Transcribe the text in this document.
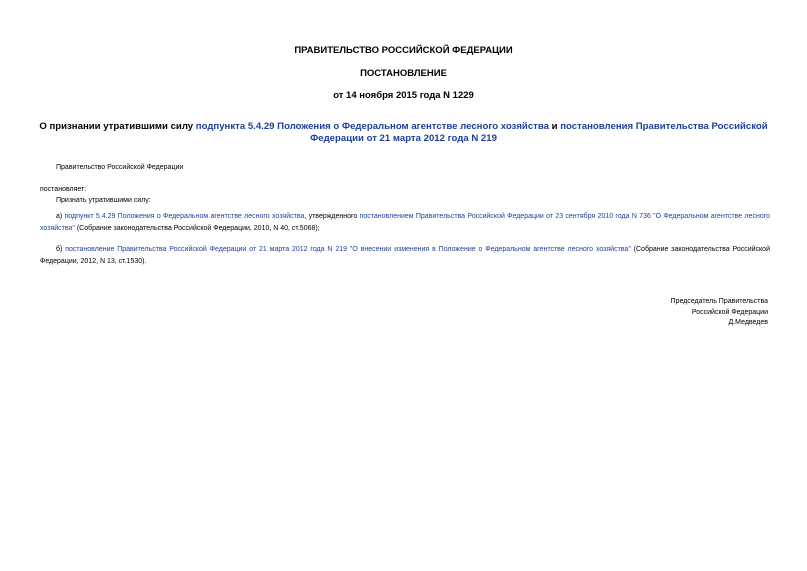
ПРАВИТЕЛЬСТВО РОССИЙСКОЙ ФЕДЕРАЦИИ
ПОСТАНОВЛЕНИЕ
от 14 ноября 2015 года N 1229
О признании утратившими силу подпункта 5.4.29 Положения о Федеральном агентстве лесного хозяйства и постановления Правительства Российской Федерации от 21 марта 2012 года N 219
Правительство Российской Федерации
постановляет:
Признать утратившими силу:
а) подпункт 5.4.29 Положения о Федеральном агентстве лесного хозяйства, утвержденного постановлением Правительства Российской Федерации от 23 сентября 2010 года N 736 "О Федеральном агентстве лесного хозяйства" (Собрание законодательства Российской Федерации, 2010, N 40, ст.5068);
б) постановление Правительства Российской Федерации от 21 марта 2012 года N 219 "О внесении изменения в Положение о Федеральном агентстве лесного хозяйства" (Собрание законодательства Российской Федерации, 2012, N 13, ст.1530).
Председатель Правительства
Российской Федерации
Д.Медведев
